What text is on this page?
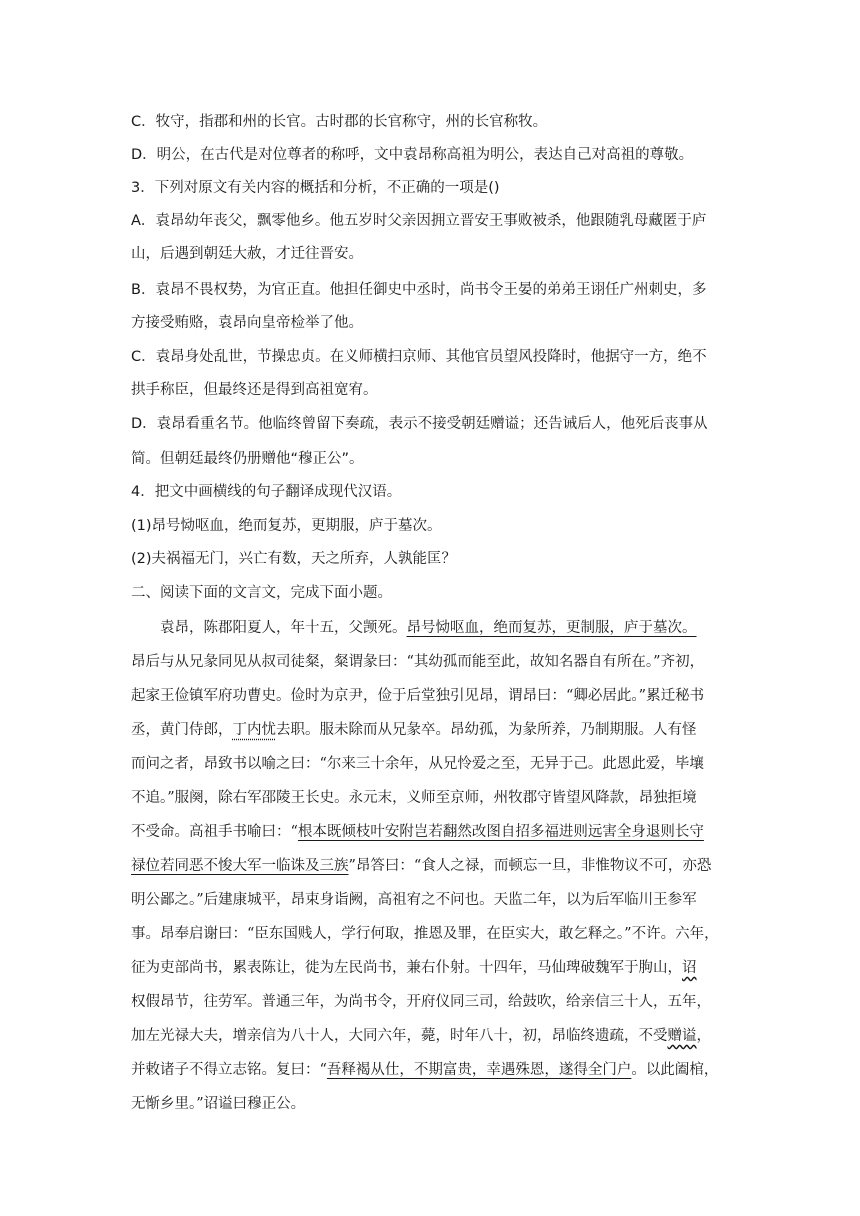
C．牧守，指郡和州的长官。古时郡的长官称守，州的长官称牧。
D．明公，在古代是对位尊者的称呼，文中袁昂称高祖为明公，表达自己对高祖的尊敬。
3．下列对原文有关内容的概括和分析，不正确的一项是()
A．袁昂幼年丧父，飘零他乡。他五岁时父亲因拥立晋安王事败被杀，他跟随乳母藏匿于庐
山，后遇到朝廷大赦，才迁往晋安。
B．袁昂不畏权势，为官正直。他担任御史中丞时，尚书令王晏的弟弟王诩任广州刺史，多
方接受贿赂，袁昂向皇帝检举了他。
C．袁昂身处乱世，节操忠贞。在义师横扫京师、其他官员望风投降时，他据守一方，绝不
拱手称臣，但最终还是得到高祖宽宥。
D．袁昂看重名节。他临终曾留下奏疏，表示不接受朝廷赠谥；还告诫后人，他死后丧事从
简。但朝廷最终仍册赠他“穆正公”。
4．把文中画横线的句子翻译成现代汉语。
(1)昂号恸呕血，绝而复苏，更期服，庐于墓次。
(2)夫祸福无门，兴亡有数，天之所弃，人孰能匡？
二、阅读下面的文言文，完成下面小题。
袁昂，陈郡阳夏人，年十五，父𫖮死。昂号恸呕血，绝而复苏，更制服，庐于墓次。
昂后与从兄彖同见从叔司徒粲，粲谓彖曰：“其幼孤而能至此，故知名器自有所在。”齐初，
起家王俭镇军府功曹史。俭时为京尹，俭于后堂独引见昂，谓昂曰：“卿必居此。”累迁秘书
丞，黄门侍郎，丁内忧去职。服未除而从兄彖卒。昂幼孤，为彖所养，乃制期服。人有怪
而问之者，昂致书以喻之曰：“尔来三十余年，从兄怜爱之至，无异于己。此恩此爱，毕壤
不追。”服阕，除右军邵陵王长史。永元末，义师至京师，州牧郡守皆望风降款，昂独拒境
不受命。高祖手书喻曰：“根本既倾枝叶安附岂若翻然改图自招多福进则远害全身退则长守
禄位若同恶不悛大军一临诛及三族”昂答曰：“食人之禄，而顿忘一旦，非惟物议不可，亦恐
明公鄙之。”后建康城平，昂束身诣阙，高祖宥之不问也。天监二年，以为后军临川王参军
事。昂奉启谢曰：“臣东国贱人，学行何取，推恩及罪，在臣实大，敢乞释之。”不许。六年，
征为吏部尚书，累表陈让，徙为左民尚书，兼右仆射。十四年，马仙琕破魏军于朐山，诏
权假昂节，往劳军。普通三年，为尚书令，开府仪同三司，给鼓吹，给亲信三十人，五年，
加左光禄大夫，增亲信为八十人，大同六年，薨，时年八十，初，昂临终遗疏，不受赠谥，
并敕诸子不得立志铭。复曰：“吾释褐从仕，不期富贵，幸遇殊恩，遂得全门户。以此阖棺，
无惭乡里。”诏谥曰穆正公。
